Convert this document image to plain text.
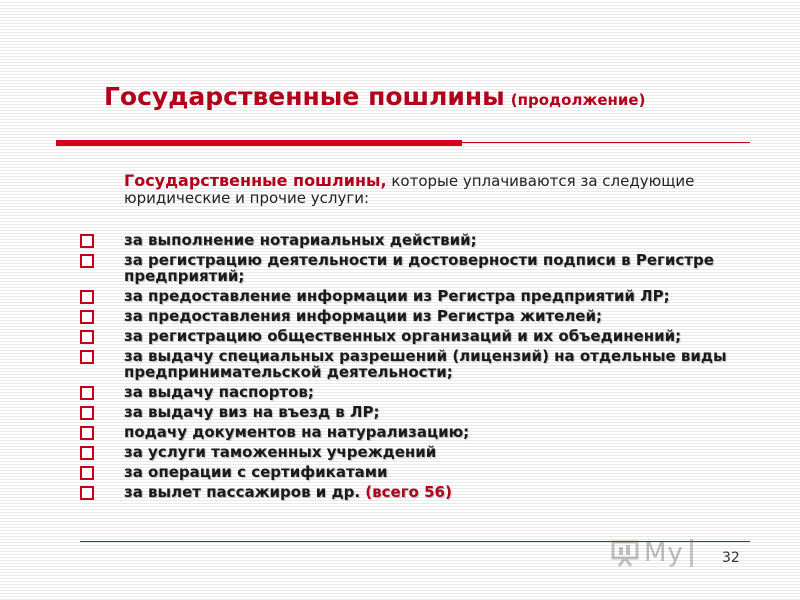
Государственные пошлины (продолжение)
Государственные пошлины, которые уплачиваются за следующие юридические и прочие услуги:
за выполнение нотариальных действий;
за регистрацию деятельности и достоверности подписи в Регистре предприятий;
за предоставление информации из Регистра предприятий ЛР;
за предоставления информации из Регистра жителей;
за регистрацию общественных организаций и их объединений;
за выдачу специальных разрешений (лицензий) на отдельные виды предпринимательской деятельности;
за выдачу паспортов;
за выдачу виз на въезд в ЛР;
подачу документов на натурализацию;
за услуги таможенных учреждений
за операции с сертификатами
за вылет пассажиров и др. (всего 56)
My	32
